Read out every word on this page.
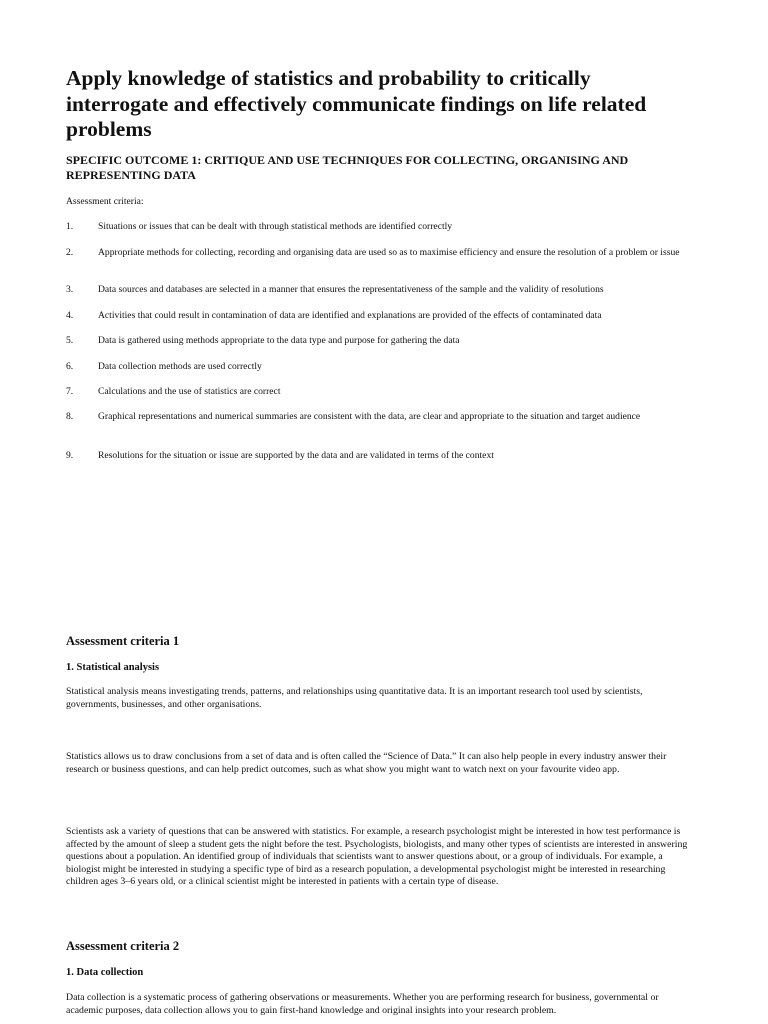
Apply knowledge of statistics and probability to critically interrogate and effectively communicate findings on life related problems
SPECIFIC OUTCOME 1: CRITIQUE AND USE TECHNIQUES FOR COLLECTING, ORGANISING AND REPRESENTING DATA
Assessment criteria:
1.	Situations or issues that can be dealt with through statistical methods are identified correctly
2.	Appropriate methods for collecting, recording and organising data are used so as to maximise efficiency and ensure the resolution of a problem or issue
3.	Data sources and databases are selected in a manner that ensures the representativeness of the sample and the validity of resolutions
4.	Activities that could result in contamination of data are identified and explanations are provided of the effects of contaminated data
5.	Data is gathered using methods appropriate to the data type and purpose for gathering the data
6.	Data collection methods are used correctly
7.	Calculations and the use of statistics are correct
8.	Graphical representations and numerical summaries are consistent with the data, are clear and appropriate to the situation and target audience
9.	Resolutions for the situation or issue are supported by the data and are validated in terms of the context
Assessment criteria 1
1. Statistical analysis

Statistical analysis means investigating trends, patterns, and relationships using quantitative data. It is an important research tool used by scientists, governments, businesses, and other organisations.

Statistics allows us to draw conclusions from a set of data and is often called the “Science of Data.” It can also help people in every industry answer their research or business questions, and can help predict outcomes, such as what show you might want to watch next on your favourite video app.

Scientists ask a variety of questions that can be answered with statistics. For example, a research psychologist might be interested in how test performance is affected by the amount of sleep a student gets the night before the test. Psychologists, biologists, and many other types of scientists are interested in answering questions about a population. An identified group of individuals that scientists want to answer questions about, or a group of individuals. For example, a biologist might be interested in studying a specific type of bird as a research population, a developmental psychologist might be interested in researching children ages 3–6 years old, or a clinical scientist might be interested in patients with a certain type of disease.

Assessment criteria 2
1. Data collection

Data collection is a systematic process of gathering observations or measurements. Whether you are performing research for business, governmental or academic purposes, data collection allows you to gain first-hand knowledge and original insights into your research problem.
